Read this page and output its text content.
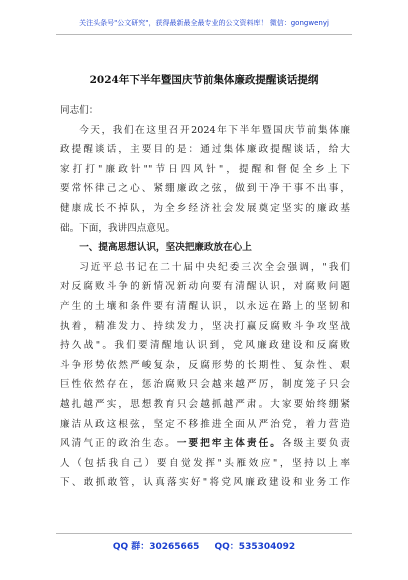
关注头条号"公文研究"，获得最新最全最专业的公文资料库！ 微信：gongwenyj
2024年下半年暨国庆节前集体廉政提醒谈话提纲

同志们：

今天，我们在这里召开2024年下半年暨国庆节前集体廉

政提醒谈话，主要目的是：通过集体廉政提醒谈话，给大

家打打"廉政针""节日四风针"，提醒和督促全乡上下

要常怀律己之心、紧绷廉政之弦，做到干净干事不出事，

健康成长不掉队，为全乡经济社会发展奠定坚实的廉政基

础。下面，我讲四点意见。

一、提高思想认识，坚决把廉政放在心上

习近平总书记在二十届中央纪委三次全会强调，"我们

对反腐败斗争的新情况新动向要有清醒认识，对腐败问题

产生的土壤和条件要有清醒认识，以永远在路上的坚韧和

执着，精准发力、持续发力，坚决打赢反腐败斗争攻坚战

持久战"。我们要清醒地认识到，党风廉政建设和反腐败

斗争形势依然严峻复杂，反腐形势的长期性、复杂性、艰

巨性依然存在，惩治腐败只会越来越严厉，制度笼子只会

越扎越严实，思想教育只会越抓越严肃。大家要始终绷紧

廉洁从政这根弦，坚定不移推进全面从严治党，着力营造

风清气正的政治生态。一要把牢主体责任。各级主要负责

人（包括我自己）要自觉发挥"头雁效应"，坚持以上率

下、敢抓敢管，认真落实好"将党风廉政建设和业务工作

QQ 群：30265665 QQ：535304092
